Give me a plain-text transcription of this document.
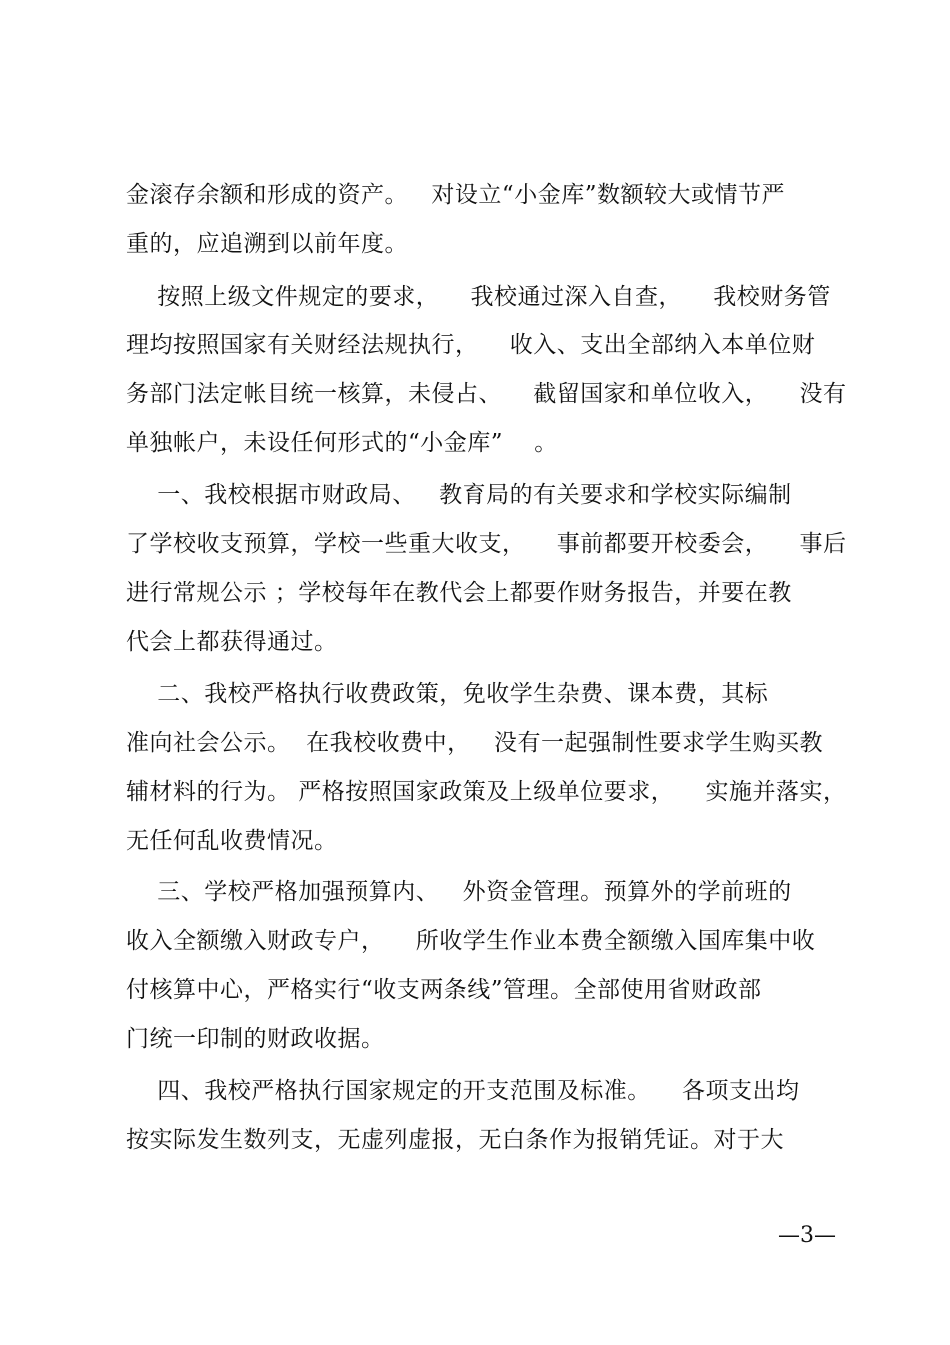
金滚存余额和形成的资产。   对设立“小金库”数额较大或情节严
重的，应追溯到以前年度。
按照上级文件规定的要求，    我校通过深入自查，    我校财务管
理均按照国家有关财经法规执行，    收入、支出全部纳入本单位财
务部门法定帐目统一核算，未侵占、    截留国家和单位收入，    没有
单独帐户，未设任何形式的“小金库”    。
一、我校根据市财政局、   教育局的有关要求和学校实际编制
了学校收支预算，学校一些重大收支，    事前都要开校委会，    事后
进行常规公示 ；学校每年在教代会上都要作财务报告，并要在教
代会上都获得通过。
二、我校严格执行收费政策，免收学生杂费、课本费，其标
准向社会公示。  在我校收费中，   没有一起强制性要求学生购买教
辅材料的行为。 严格按照国家政策及上级单位要求，    实施并落实，
无任何乱收费情况。
三、学校严格加强预算内、   外资金管理。预算外的学前班的
收入全额缴入财政专户，    所收学生作业本费全额缴入国库集中收
付核算中心，严格实行“收支两条线”管理。全部使用省财政部
门统一印制的财政收据。
四、我校严格执行国家规定的开支范围及标准。    各项支出均
按实际发生数列支，无虚列虚报，无白条作为报销凭证。对于大
—3—
